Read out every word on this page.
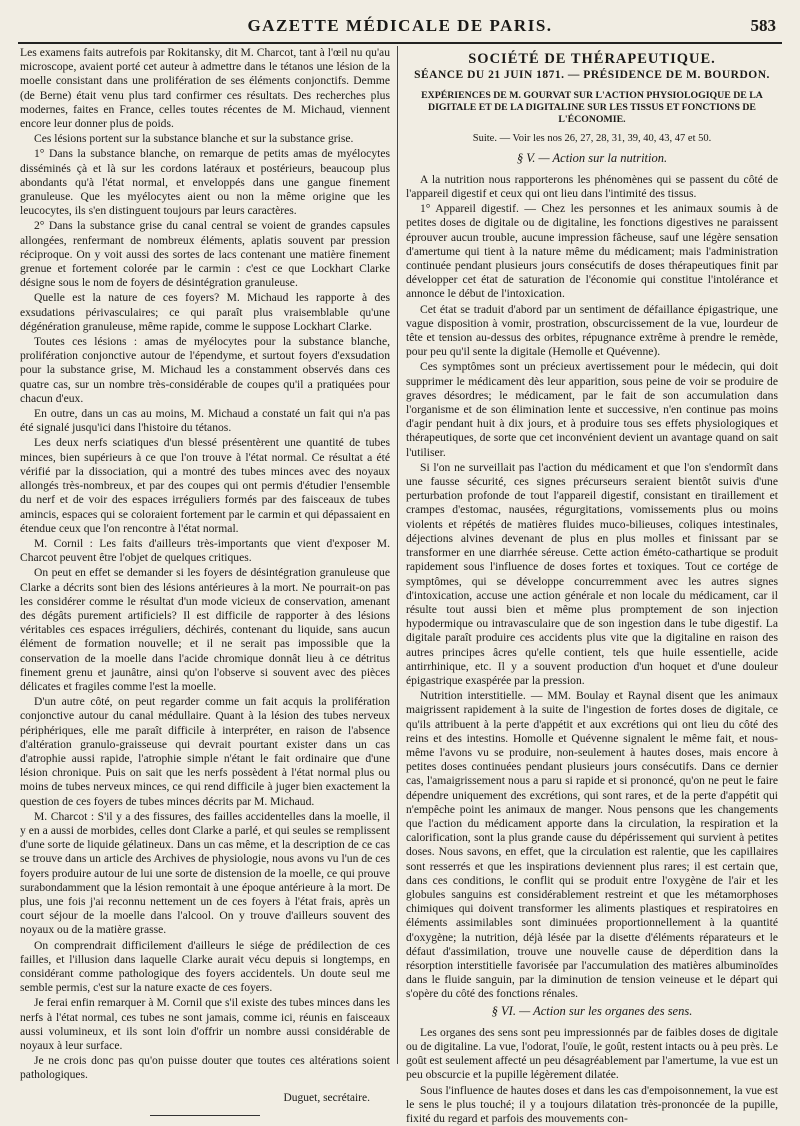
GAZETTE MÉDICALE DE PARIS.	583

Les examens faits autrefois par Rokitansky, dit M. Charcot, tant à l'œil nu qu'au microscope, avaient porté cet auteur à admettre dans le tétanos une lésion de la moelle consistant dans une prolifération de ses éléments conjonctifs. Demme (de Berne) était venu plus tard confirmer ces résultats. Des recherches plus modernes, faites en France, celles toutes récentes de M. Michaud, viennent encore leur donner plus de poids.

Ces lésions portent sur la substance blanche et sur la substance grise.

1° Dans la substance blanche, on remarque de petits amas de myélocytes disséminés çà et là sur les cordons latéraux et postérieurs, beaucoup plus abondants qu'à l'état normal, et enveloppés dans une gangue finement granuleuse. Que les myélocytes aient ou non la même origine que les leucocytes, ils s'en distinguent toujours par leurs caractères.

2° Dans la substance grise du canal central se voient de grandes capsules allongées, renfermant de nombreux éléments, aplatis souvent par pression réciproque. On y voit aussi des sortes de lacs contenant une matière finement grenue et fortement colorée par le carmin : c'est ce que Lockhart Clarke désigne sous le nom de foyers de désintégration granuleuse.

Quelle est la nature de ces foyers? M. Michaud les rapporte à des exsudations périvasculaires; ce qui paraît plus vraisemblable qu'une dégénération granuleuse, même rapide, comme le suppose Lockhart Clarke.

Toutes ces lésions : amas de myélocytes pour la substance blanche, prolifération conjonctive autour de l'épendyme, et surtout foyers d'exsudation pour la substance grise, M. Michaud les a constamment observés dans ces quatre cas, sur un nombre très-considérable de coupes qu'il a pratiquées pour chacun d'eux.

En outre, dans un cas au moins, M. Michaud a constaté un fait qui n'a pas été signalé jusqu'ici dans l'histoire du tétanos.

Les deux nerfs sciatiques d'un blessé présentèrent une quantité de tubes minces, bien supérieurs à ce que l'on trouve à l'état normal. Ce résultat a été vérifié par la dissociation, qui a montré des tubes minces avec des noyaux allongés très-nombreux, et par des coupes qui ont permis d'étudier l'ensemble du nerf et de voir des espaces irréguliers formés par des faisceaux de tubes amincis, espaces qui se coloraient fortement par le carmin et qui dépassaient en étendue ceux que l'on rencontre à l'état normal.

M. Cornil : Les faits d'ailleurs très-importants que vient d'exposer M. Charcot peuvent être l'objet de quelques critiques.

On peut en effet se demander si les foyers de désintégration granuleuse que Clarke a décrits sont bien des lésions antérieures à la mort. Ne pourrait-on pas les considérer comme le résultat d'un mode vicieux de conservation, amenant des dégâts purement artificiels? Il est difficile de rapporter à des lésions véritables ces espaces irréguliers, déchirés, contenant du liquide, sans aucun élément de formation nouvelle; et il ne serait pas impossible que la conservation de la moelle dans l'acide chromique donnât lieu à ce détritus finement grenu et jaunâtre, ainsi qu'on l'observe si souvent avec des pièces délicates et fragiles comme l'est la moelle.

D'un autre côté, on peut regarder comme un fait acquis la prolifération conjonctive autour du canal médullaire. Quant à la lésion des tubes nerveux périphériques, elle me paraît difficile à interpréter, en raison de l'absence d'altération granulo-graisseuse qui devrait pourtant exister dans un cas d'atrophie aussi rapide, l'atrophie simple n'étant le fait ordinaire que d'une lésion chronique. Puis on sait que les nerfs possèdent à l'état normal plus ou moins de tubes nerveux minces, ce qui rend difficile à juger bien exactement la question de ces foyers de tubes minces décrits par M. Michaud.

M. Charcot : S'il y a des fissures, des failles accidentelles dans la moelle, il y en a aussi de morbides, celles dont Clarke a parlé, et qui seules se remplissent d'une sorte de liquide gélatineux. Dans un cas même, et la description de ce cas se trouve dans un article des Archives de physiologie, nous avons vu l'un de ces foyers produire autour de lui une sorte de distension de la moelle, ce qui prouve surabondamment que la lésion remontait à une époque antérieure à la mort. De plus, une fois j'ai reconnu nettement un de ces foyers à l'état frais, après un court séjour de la moelle dans l'alcool. On y trouve d'ailleurs souvent des noyaux ou de la matière grasse.

On comprendrait difficilement d'ailleurs le siége de prédilection de ces failles, et l'illusion dans laquelle Clarke aurait vécu depuis si longtemps, en considérant comme pathologique des foyers accidentels. Un doute seul me semble permis, c'est sur la nature exacte de ces foyers.

Je ferai enfin remarquer à M. Cornil que s'il existe des tubes minces dans les nerfs à l'état normal, ces tubes ne sont jamais, comme ici, réunis en faisceaux aussi volumineux, et ils sont loin d'offrir un nombre aussi considérable de noyaux à leur surface.

Je ne crois donc pas qu'on puisse douter que toutes ces altérations soient pathologiques.

Duguet, secrétaire.
SOCIÉTÉ DE THÉRAPEUTIQUE.
SÉANCE DU 21 JUIN 1871. — PRÉSIDENCE DE M. BOURDON.
EXPÉRIENCES DE M. GOURVAT SUR L'ACTION PHYSIOLOGIQUE DE LA DIGITALE ET DE LA DIGITALINE SUR LES TISSUS ET FONCTIONS DE L'ÉCONOMIE.
Suite. — Voir les nos 26, 27, 28, 31, 39, 40, 43, 47 et 50.
§ V. — Action sur la nutrition.

A la nutrition nous rapporterons les phénomènes qui se passent du côté de l'appareil digestif et ceux qui ont lieu dans l'intimité des tissus.

1° Appareil digestif. — Chez les personnes et les animaux soumis à de petites doses de digitale ou de digitaline, les fonctions digestives ne paraissent éprouver aucun trouble, aucune impression fâcheuse, sauf une légère sensation d'amertume qui tient à la nature même du médicament; mais l'administration continuée pendant plusieurs jours consécutifs de doses thérapeutiques finit par développer cet état de saturation de l'économie qui constitue l'intolérance et annonce le début de l'intoxication.

Cet état se traduit d'abord par un sentiment de défaillance épigastrique, une vague disposition à vomir, prostration, obscurcissement de la vue, lourdeur de tête et tension au-dessus des orbites, répugnance extrême à prendre le remède, pour peu qu'il sente la digitale (Hemolle et Quévenne).

Ces symptômes sont un précieux avertissement pour le médecin, qui doit supprimer le médicament dès leur apparition, sous peine de voir se produire de graves désordres; le médicament, par le fait de son accumulation dans l'organisme et de son élimination lente et successive, n'en continue pas moins d'agir pendant huit à dix jours, et à produire tous ses effets physiologiques et thérapeutiques, de sorte que cet inconvénient devient un avantage quand on sait l'utiliser.

Si l'on ne surveillait pas l'action du médicament et que l'on s'endormît dans une fausse sécurité, ces signes précurseurs seraient bientôt suivis d'une perturbation profonde de tout l'appareil digestif, consistant en tiraillement et crampes d'estomac, nausées, régurgitations, vomissements plus ou moins violents et répétés de matières fluides muco-bilieuses, coliques intestinales, déjections alvines devenant de plus en plus molles et finissant par se transformer en une diarrhée séreuse. Cette action éméto-cathartique se produit rapidement sous l'influence de doses fortes et toxiques. Tout ce cortége de symptômes, qui se développe concurremment avec les autres signes d'intoxication, accuse une action générale et non locale du médicament, car il résulte tout aussi bien et même plus promptement de son injection hypodermique ou intravasculaire que de son ingestion dans le tube digestif. La digitale paraît produire ces accidents plus vite que la digitaline en raison des autres principes âcres qu'elle contient, tels que huile essentielle, acide antirrhinique, etc. Il y a souvent production d'un hoquet et d'une douleur épigastrique exaspérée par la pression.

Nutrition interstitielle. — MM. Boulay et Raynal disent que les animaux maigrissent rapidement à la suite de l'ingestion de fortes doses de digitale, ce qu'ils attribuent à la perte d'appétit et aux excrétions qui ont lieu du côté des reins et des intestins. Homolle et Quévenne signalent le même fait, et nous-même l'avons vu se produire, non-seulement à hautes doses, mais encore à petites doses continuées pendant plusieurs jours consécutifs. Dans ce dernier cas, l'amaigrissement nous a paru si rapide et si prononcé, qu'on ne peut le faire dépendre uniquement des excrétions, qui sont rares, et de la perte d'appétit qui n'empêche point les animaux de manger. Nous pensons que les changements que l'action du médicament apporte dans la circulation, la respiration et la calorification, sont la plus grande cause du dépérissement qui survient à petites doses. Nous savons, en effet, que la circulation est ralentie, que les capillaires sont resserrés et que les inspirations deviennent plus rares; il est certain que, dans ces conditions, le conflit qui se produit entre l'oxygène de l'air et les globules sanguins est considérablement restreint et que les métamorphoses chimiques qui doivent transformer les aliments plastiques et respiratoires en éléments assimilables sont diminuées proportionnellement à la quantité d'oxygène; la nutrition, déjà lésée par la disette d'éléments réparateurs et le défaut d'assimilation, trouve une nouvelle cause de déperdition dans la résorption interstitielle favorisée par l'accumulation des matières albuminoïdes dans le fluide sanguin, par la diminution de tension veineuse et le départ qui s'opère du côté des fonctions rénales.

§ VI. — Action sur les organes des sens.

Les organes des sens sont peu impressionnés par de faibles doses de digitale ou de digitaline. La vue, l'odorat, l'ouïe, le goût, restent intacts ou à peu près. Le goût est seulement affecté un peu désagréablement par l'amertume, la vue est un peu obscurcie et la pupille légèrement dilatée.

Sous l'influence de hautes doses et dans les cas d'empoisonnement, la vue est le sens le plus touché; il y a toujours dilatation très-prononcée de la pupille, fixité du regard et parfois des mouvements con-
